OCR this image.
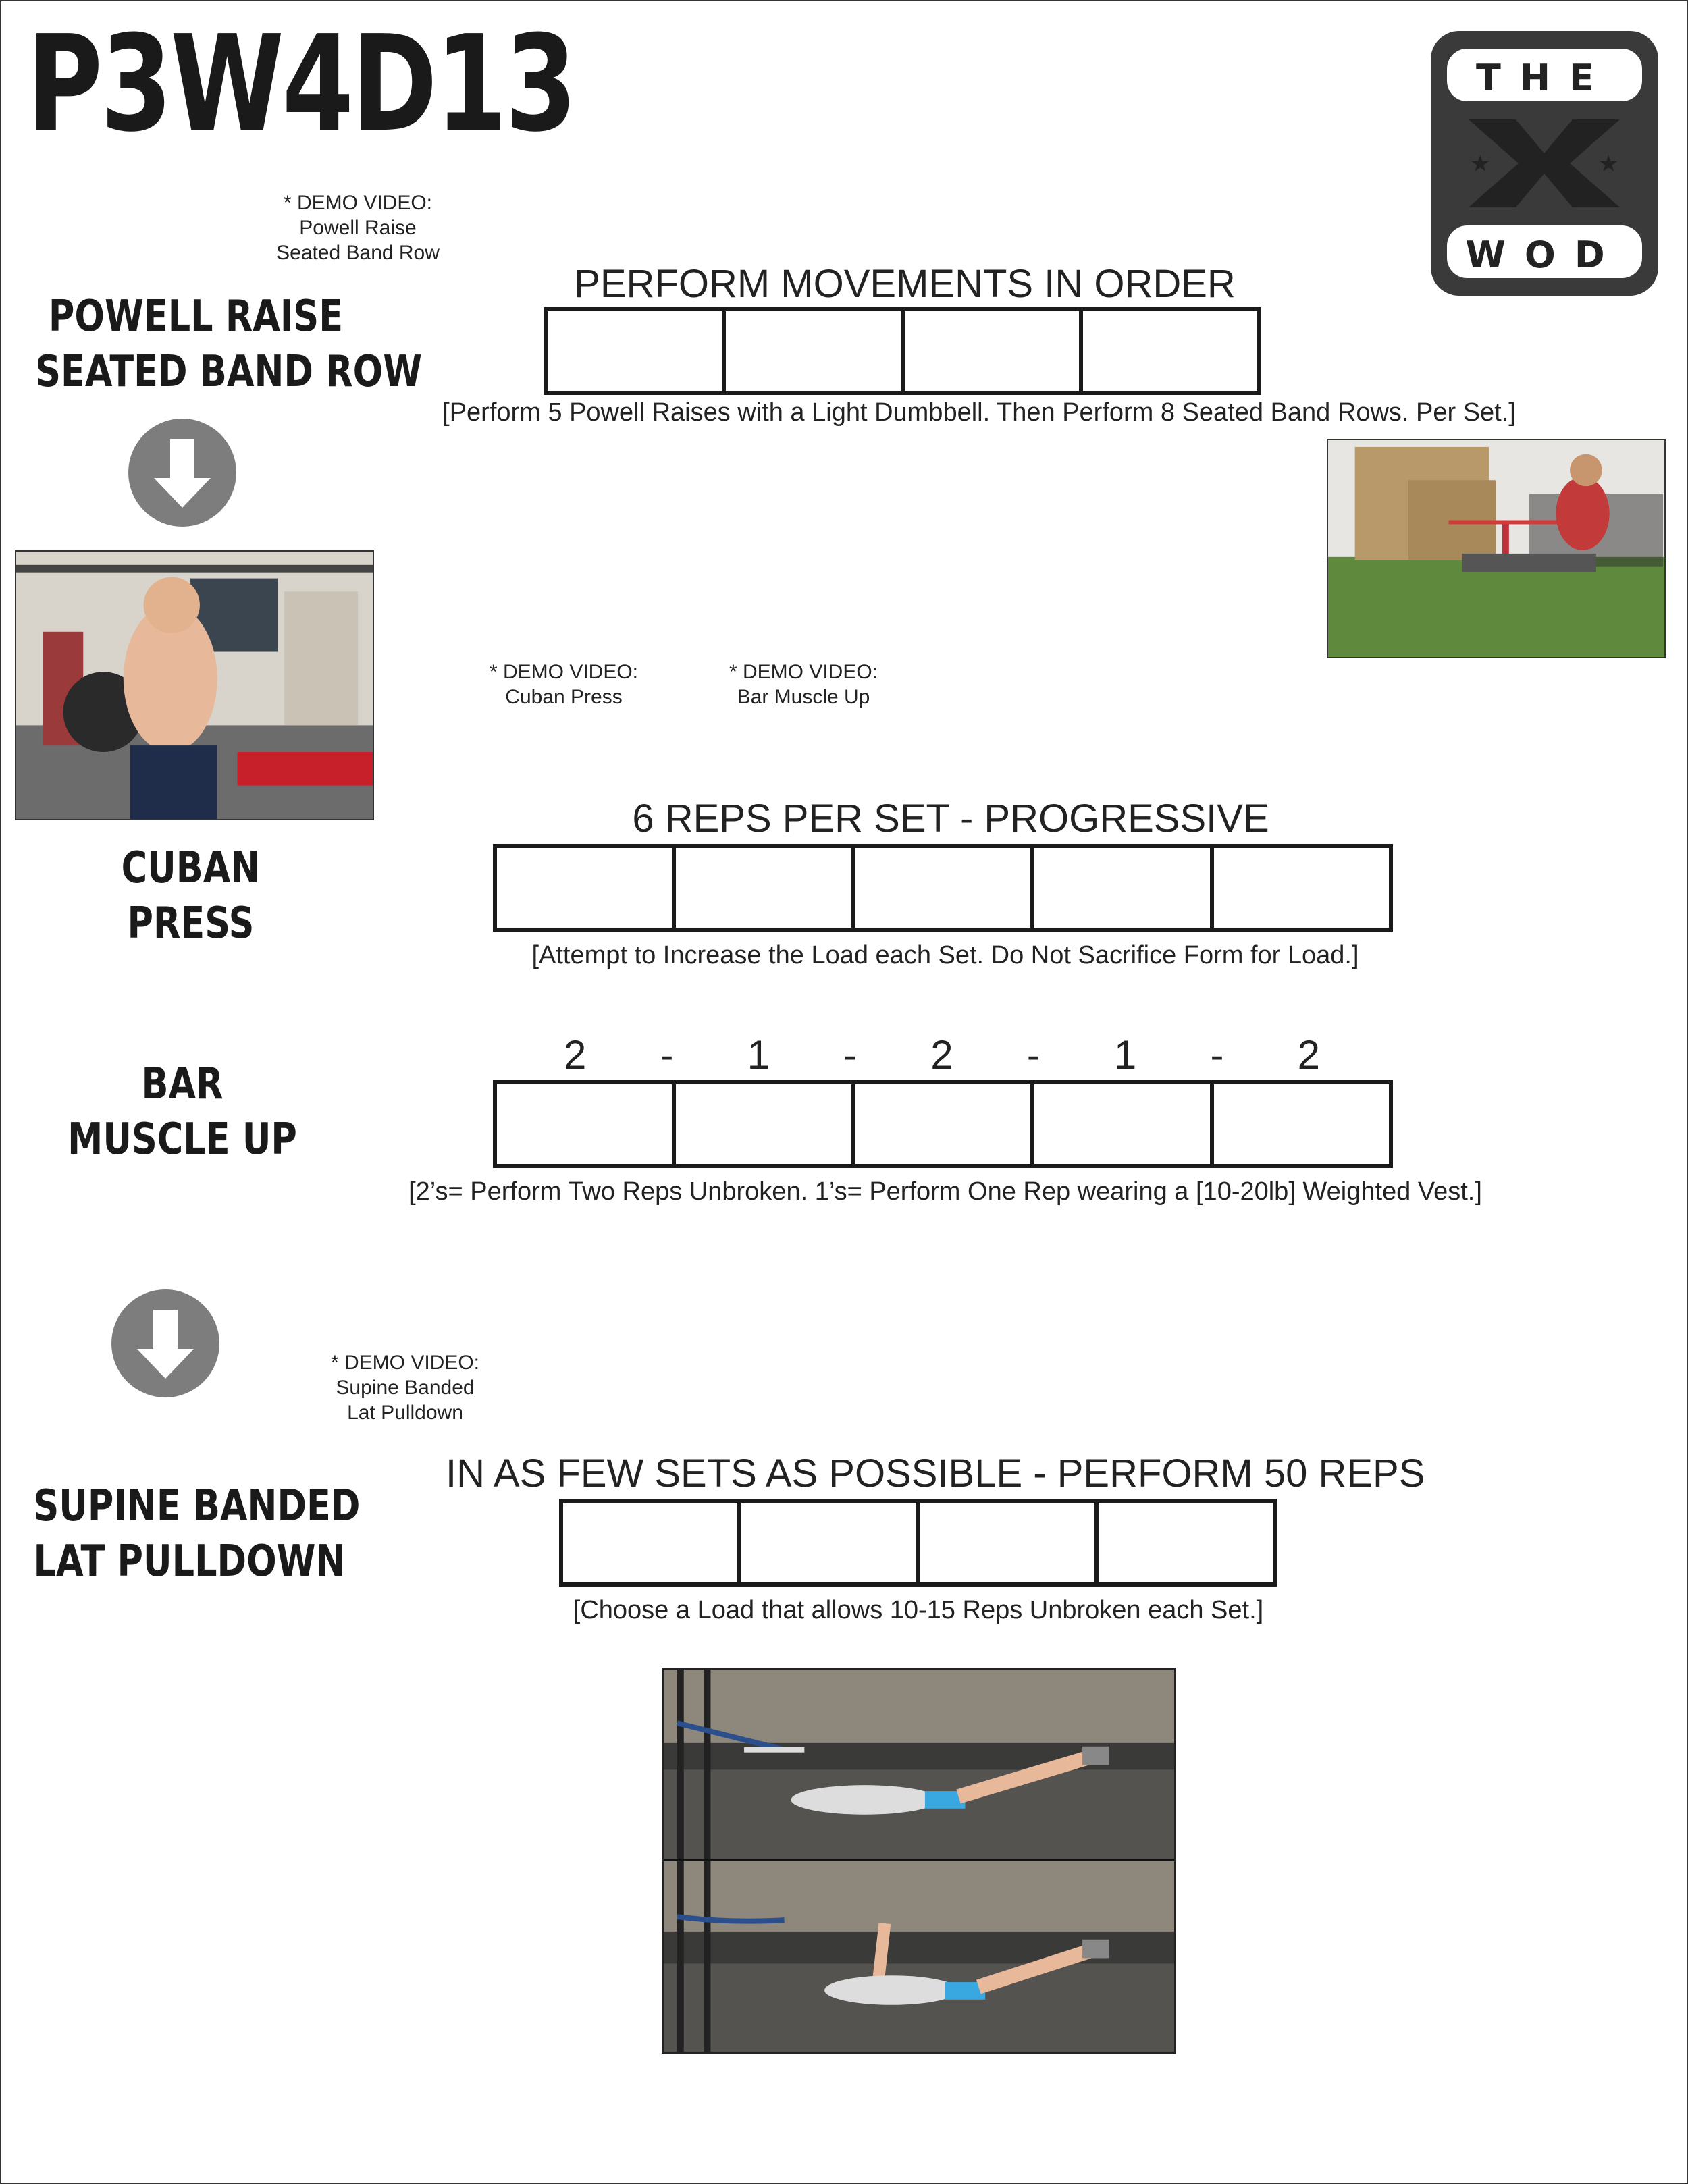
P3W4D13
★	★
THE
WOD
* DEMO VIDEO:
Powell Raise
Seated Band Row
POWELL RAISE
SEATED BAND ROW
PERFORM MOVEMENTS IN ORDER
[Perform 5 Powell Raises with a Light Dumbbell. Then Perform 8 Seated Band Rows. Per Set.]
* DEMO VIDEO:
Cuban Press
* DEMO VIDEO:
Bar Muscle Up
6 REPS PER SET - PROGRESSIVE
[Attempt to Increase the Load each Set. Do Not Sacrifice Form for Load.]
CUBAN
PRESS
2 - 1 - 2 - 1 - 2
[2’s= Perform Two Reps Unbroken. 1’s= Perform One Rep wearing a [10-20lb] Weighted Vest.]
BAR
MUSCLE UP
* DEMO VIDEO:
Supine Banded
Lat Pulldown
IN AS FEW SETS AS POSSIBLE - PERFORM 50 REPS
[Choose a Load that allows 10-15 Reps Unbroken each Set.]
SUPINE BANDED
LAT PULLDOWN
